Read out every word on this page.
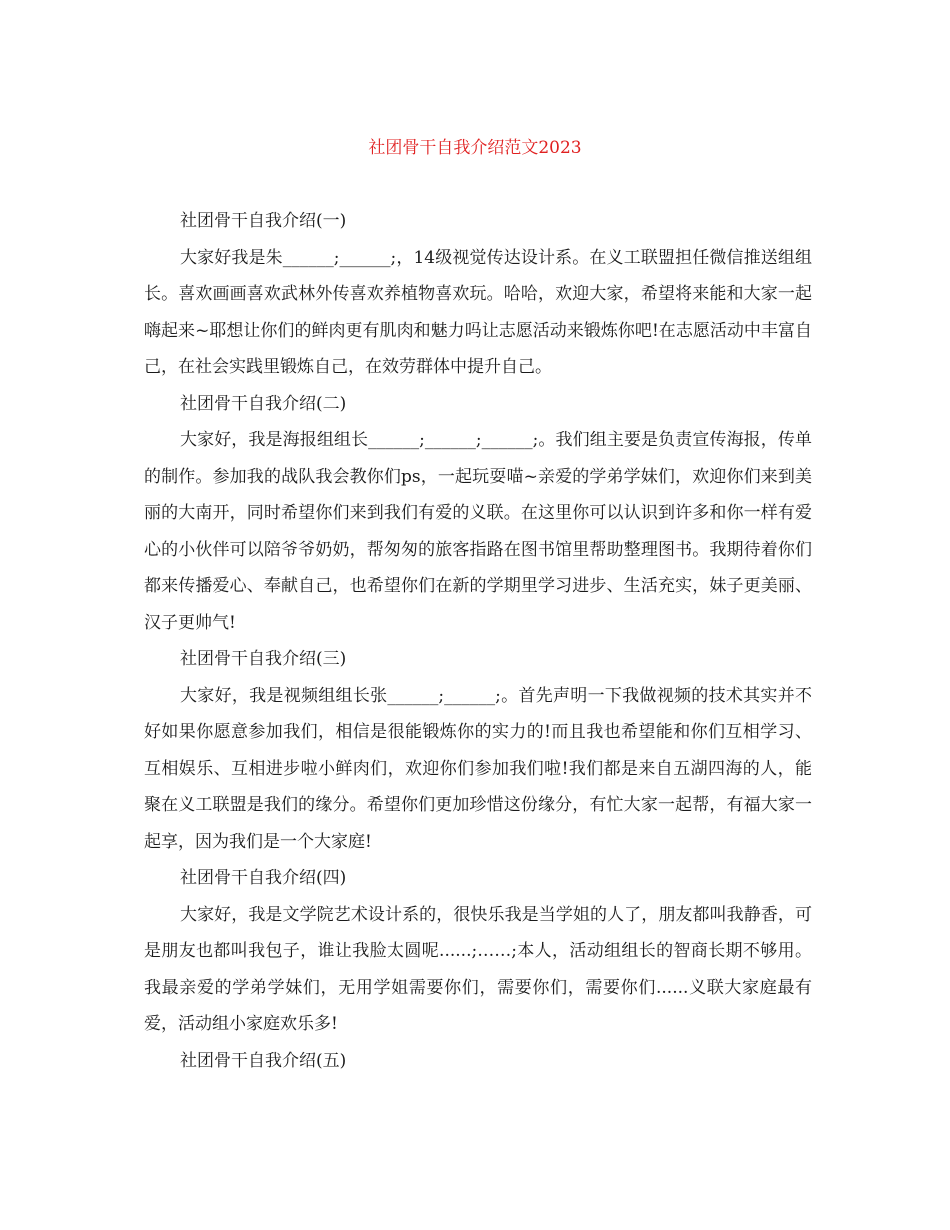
社团骨干自我介绍范文2023

社团骨干自我介绍(一)

大家好我是朱______;______;，14级视觉传达设计系。在义工联盟担任微信推送组组长。喜欢画画喜欢武林外传喜欢养植物喜欢玩。哈哈，欢迎大家，希望将来能和大家一起嗨起来~耶想让你们的鲜肉更有肌肉和魅力吗让志愿活动来锻炼你吧!在志愿活动中丰富自己，在社会实践里锻炼自己，在效劳群体中提升自己。

社团骨干自我介绍(二)

大家好，我是海报组组长______;______;______;。我们组主要是负责宣传海报，传单的制作。参加我的战队我会教你们ps，一起玩耍喵~亲爱的学弟学妹们，欢迎你们来到美丽的大南开，同时希望你们来到我们有爱的义联。在这里你可以认识到许多和你一样有爱心的小伙伴可以陪爷爷奶奶，帮匆匆的旅客指路在图书馆里帮助整理图书。我期待着你们都来传播爱心、奉献自己，也希望你们在新的学期里学习进步、生活充实，妹子更美丽、汉子更帅气!

社团骨干自我介绍(三)

大家好，我是视频组组长张______;______;。首先声明一下我做视频的技术其实并不好如果你愿意参加我们，相信是很能锻炼你的实力的!而且我也希望能和你们互相学习、互相娱乐、互相进步啦小鲜肉们，欢迎你们参加我们啦!我们都是来自五湖四海的人，能聚在义工联盟是我们的缘分。希望你们更加珍惜这份缘分，有忙大家一起帮，有福大家一起享，因为我们是一个大家庭!

社团骨干自我介绍(四)

大家好，我是文学院艺术设计系的，很快乐我是当学姐的人了，朋友都叫我静香，可是朋友也都叫我包子，谁让我脸太圆呢......;……;本人，活动组组长的智商长期不够用。我最亲爱的学弟学妹们，无用学姐需要你们，需要你们，需要你们......义联大家庭最有爱，活动组小家庭欢乐多!

社团骨干自我介绍(五)
